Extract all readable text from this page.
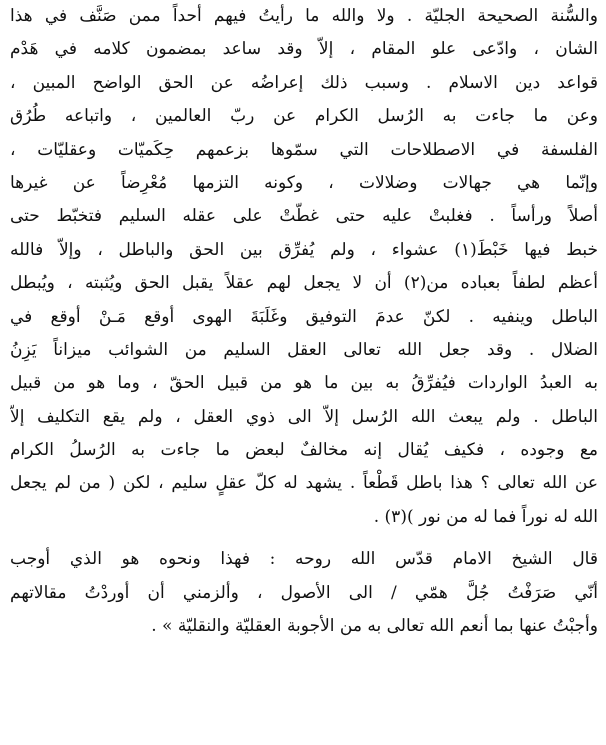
والسُّنة الصحيحة الجليّة . ولا والله ما رأيتُ فيهم أحداً ممن صَنَّف في هذا
الشان ، وادّعى علو المقام ، إلاّ وقد ساعد بمضمون كلامه في هَدْم
قواعد دين الاسلام . وسبب ذلك إعراضُه عن الحق الواضح المبين ،
وعن ما جاءت به الرُسل الكرام عن ربّ العالمين ، واتباعه طُرُق
الفلسفة في الاصطلاحات التي سمّوها بزعمهم حِكَميّات وعقليّات ،
وإنّما هي جهالات وضلالات ، وكونه التزمها مُعْرِضاً عن غيرها
أصلاً ورأساً . فغلبتْ عليه حتى غطّتْ على عقله السليم فتخبّط حتى
خبط فيها خَبْطَ(١) عشواء ، ولم يُفرِّق بين الحق والباطل ، وإلاّ فالله
أعظم لطفاً بعباده من(٢) أن لا يجعل لهم عقلاً يقبل الحق ويُثبته ، ويُبطل
الباطل وينفيه . لكنّ عدمَ التوفيق وغَلَبَةَ الهوى أوقع مَـنْ أوقع في
الضلال . وقد جعل الله تعالى العقل السليم من الشوائب ميزاناً يَزِنُ
به العبدُ الواردات فيُفرِّقُ به بين ما هو من قبيل الحقّ ، وما هو من قبيل
الباطل . ولم يبعث الله الرُسل إلاّ الى ذوي العقل ، ولم يقع التكليف إلاّ
مع وجوده ، فكيف يُقال إنه مخالفٌ لبعض ما جاءت به الرُسلُ الكرام
عن الله تعالى ؟ هذا باطل قَطْعاً . يشهد له كلّ عقلٍ سليم ، لكن ( من لم يجعل
الله له نوراً فما له من نور )(٣) .
قال الشيخ الامام قدّس الله روحه : فهذا ونحوه هو الذي أوجب
أنّي صَرَفْتُ جُلَّ همّي / الى الأصول ، وألزمني أن أوردْتُ مقالاتهم
وأجبْتُ عنها بما أنعم الله تعالى به من الأجوبة العقليّة والنقليّة » .
